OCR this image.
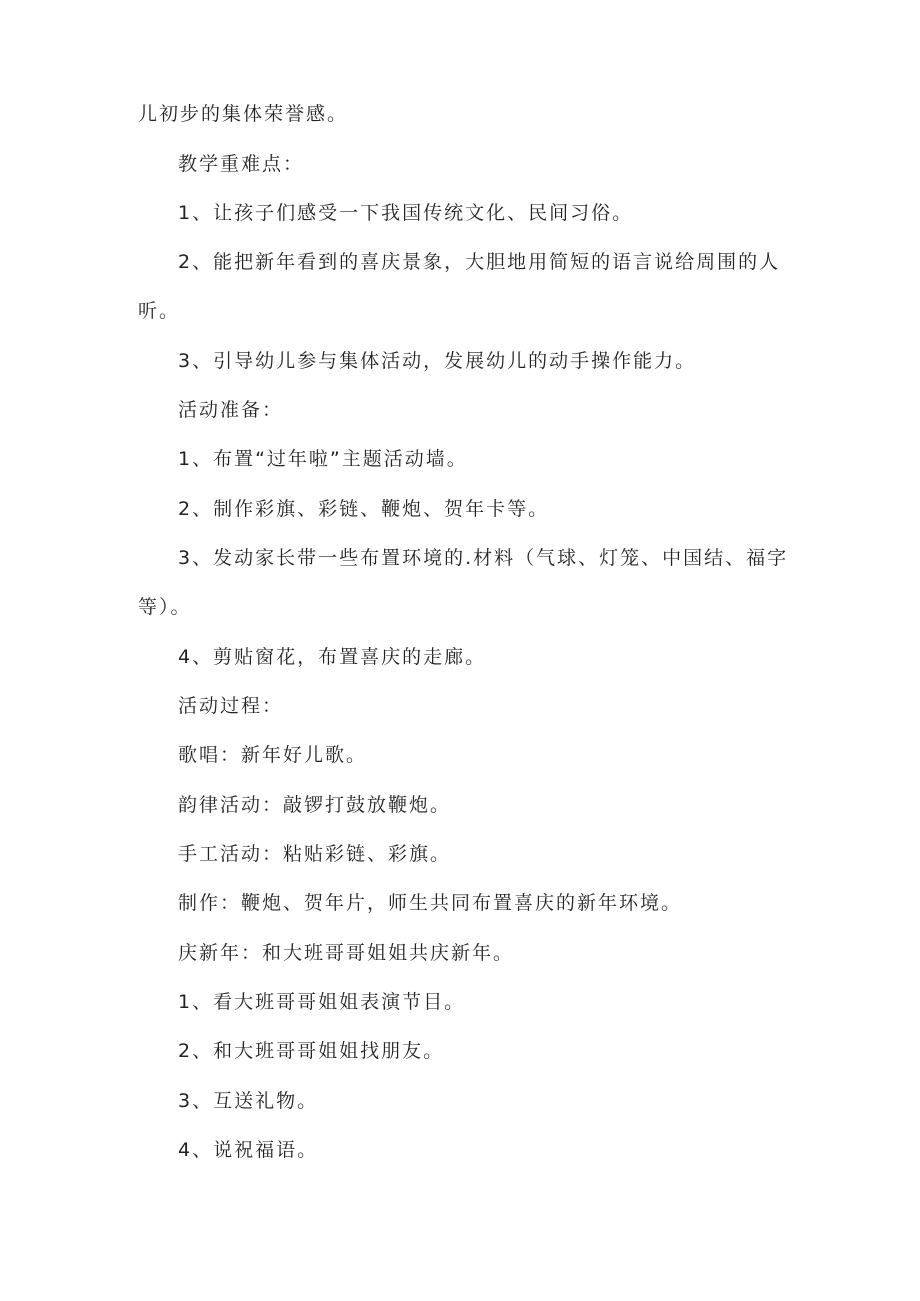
儿初步的集体荣誉感。
教学重难点：
1、让孩子们感受一下我国传统文化、民间习俗。
2、能把新年看到的喜庆景象，大胆地用简短的语言说给周围的人
听。
3、引导幼儿参与集体活动，发展幼儿的动手操作能力。
活动准备：
1、布置“过年啦”主题活动墙。
2、制作彩旗、彩链、鞭炮、贺年卡等。
3、发动家长带一些布置环境的.材料（气球、灯笼、中国结、福字
等）。
4、剪贴窗花，布置喜庆的走廊。
活动过程：
歌唱：新年好儿歌。
韵律活动：敲锣打鼓放鞭炮。
手工活动：粘贴彩链、彩旗。
制作：鞭炮、贺年片，师生共同布置喜庆的新年环境。
庆新年：和大班哥哥姐姐共庆新年。
1、看大班哥哥姐姐表演节目。
2、和大班哥哥姐姐找朋友。
3、互送礼物。
4、说祝福语。
